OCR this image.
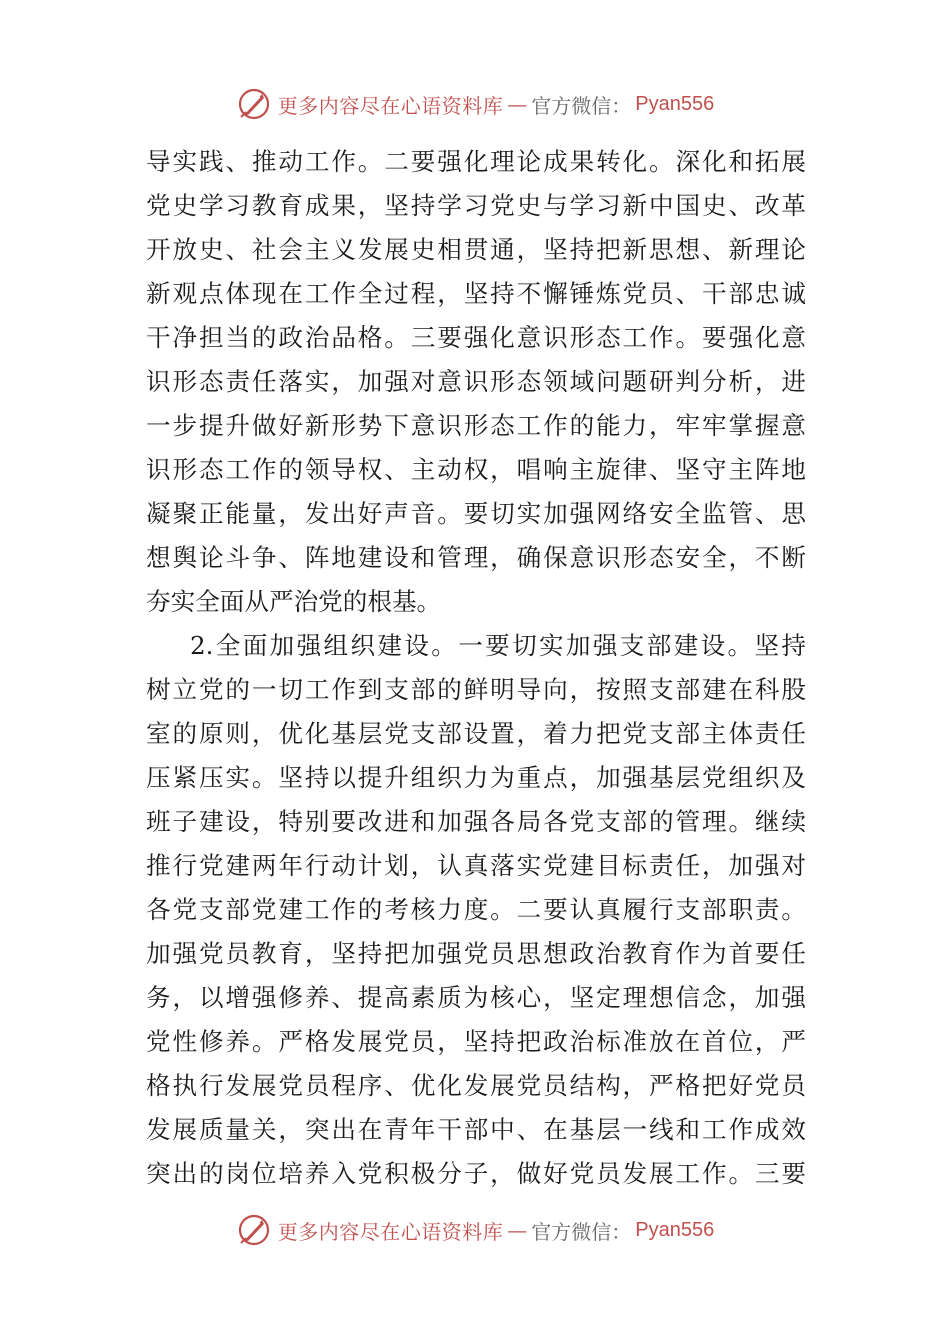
更多内容尽在心语资料库 — 官方微信： Pyan556
导实践、推动工作。二要强化理论成果转化。深化和拓展
党史学习教育成果，坚持学习党史与学习新中国史、改革
开放史、社会主义发展史相贯通，坚持把新思想、新理论
新观点体现在工作全过程，坚持不懈锤炼党员、干部忠诚
干净担当的政治品格。三要强化意识形态工作。要强化意
识形态责任落实，加强对意识形态领域问题研判分析，进
一步提升做好新形势下意识形态工作的能力，牢牢掌握意
识形态工作的领导权、主动权，唱响主旋律、坚守主阵地
凝聚正能量，发出好声音。要切实加强网络安全监管、思
想舆论斗争、阵地建设和管理，确保意识形态安全，不断
夯实全面从严治党的根基。
2.全面加强组织建设。一要切实加强支部建设。坚持
树立党的一切工作到支部的鲜明导向，按照支部建在科股
室的原则，优化基层党支部设置，着力把党支部主体责任
压紧压实。坚持以提升组织力为重点，加强基层党组织及
班子建设，特别要改进和加强各局各党支部的管理。继续
推行党建两年行动计划，认真落实党建目标责任，加强对
各党支部党建工作的考核力度。二要认真履行支部职责。
加强党员教育，坚持把加强党员思想政治教育作为首要任
务，以增强修养、提高素质为核心，坚定理想信念，加强
党性修养。严格发展党员，坚持把政治标准放在首位，严
格执行发展党员程序、优化发展党员结构，严格把好党员
发展质量关，突出在青年干部中、在基层一线和工作成效
突出的岗位培养入党积极分子，做好党员发展工作。三要
更多内容尽在心语资料库 — 官方微信： Pyan556
